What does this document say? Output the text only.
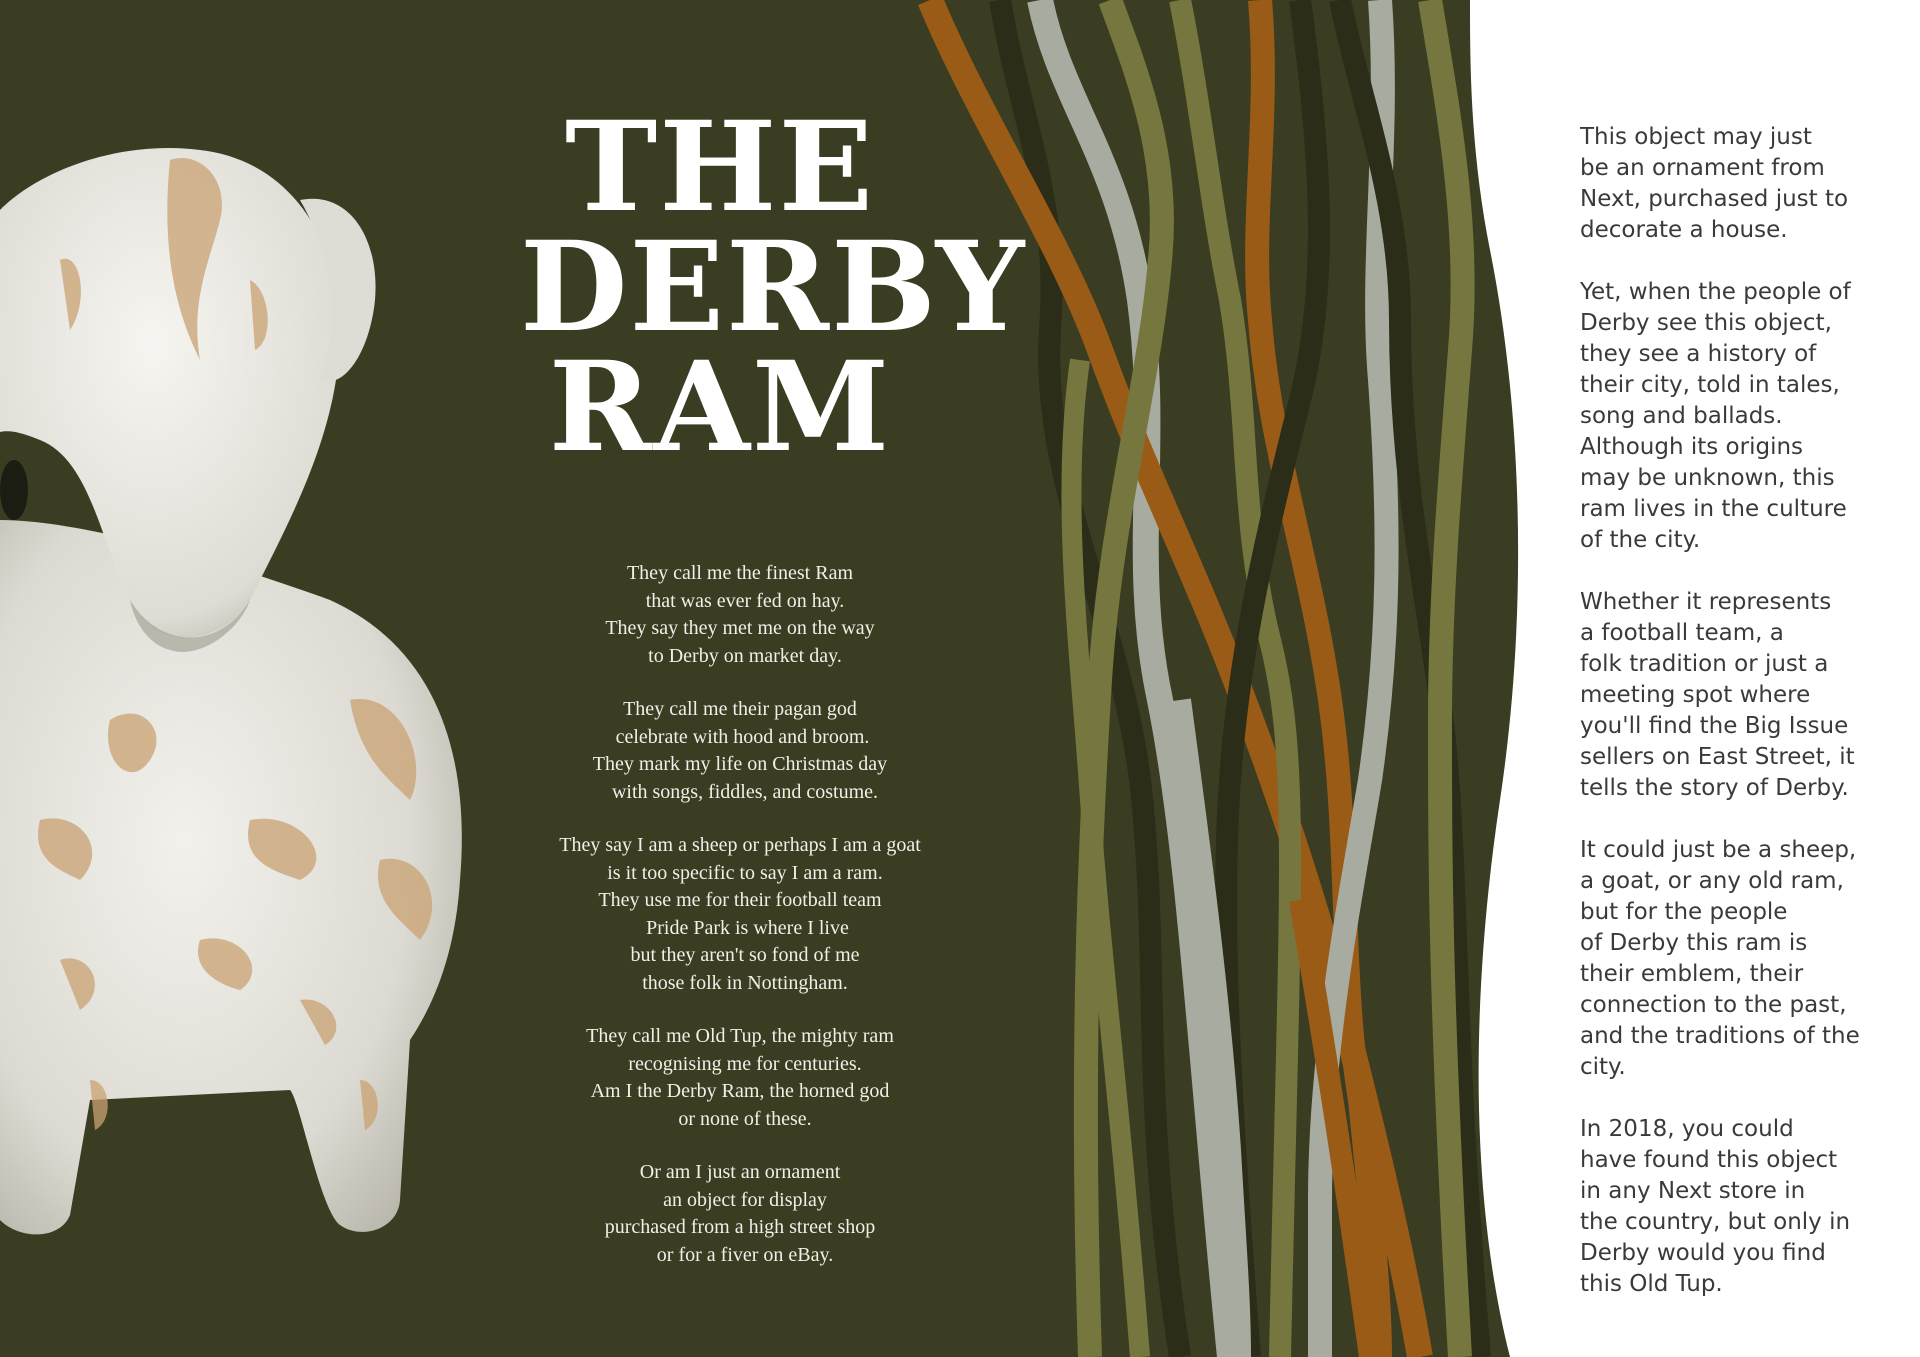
THE
DERBY
RAM
They call me the finest Ram
that was ever fed on hay.
They say they met me on the way
to Derby on market day.
They call me their pagan god
celebrate with hood and broom.
They mark my life on Christmas day
with songs, fiddles, and costume.
They say I am a sheep or perhaps I am a goat
is it too specific to say I am a ram.
They use me for their football team
Pride Park is where I live
but they aren't so fond of me
those folk in Nottingham.
They call me Old Tup, the mighty ram
recognising me for centuries.
Am I the Derby Ram, the horned god
or none of these.
Or am I just an ornament
an object for display
purchased from a high street shop
or for a fiver on eBay.
This object may just
be an ornament from
Next, purchased just to
decorate a house.
Yet, when the people of
Derby see this object,
they see a history of
their city, told in tales,
song and ballads.
Although its origins
may be unknown, this
ram lives in the culture
of the city.
Whether it represents
a football team, a
folk tradition or just a
meeting spot where
you'll find the Big Issue
sellers on East Street, it
tells the story of Derby.
It could just be a sheep,
a goat, or any old ram,
but for the people
of Derby this ram is
their emblem, their
connection to the past,
and the traditions of the
city.
In 2018, you could
have found this object
in any Next store in
the country, but only in
Derby would you find
this Old Tup.
